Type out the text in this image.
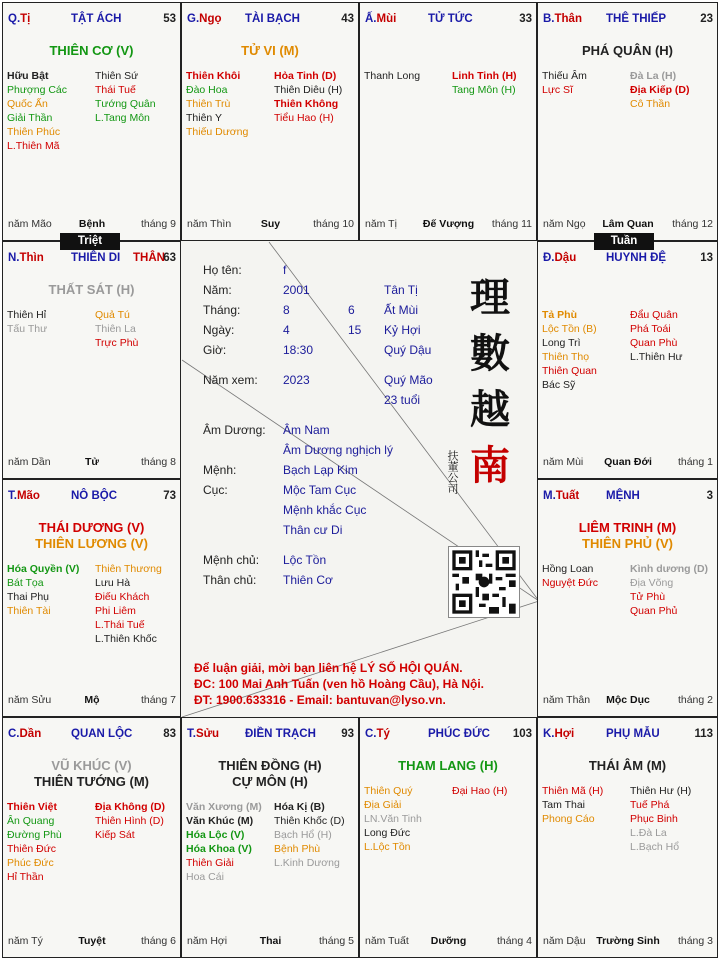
Q.Tị	TẬT ÁCH	53
THIÊN CƠ (V)
Hữu Bật
Phượng Các
Quốc Ấn
Giải Thần
Thiên Phúc
L.Thiên Mã
Thiên Sứ
Thái Tuế
Tướng Quân
L.Tang Môn
năm Mão	Bệnh	tháng 9
G.Ngọ TÀI BẠCH	43
TỬ VI (M)
Thiên Khôi
Đào Hoa
Thiên Trù
Thiên Y
Thiếu Dương
Hỏa Tinh (D)
Thiên Diêu (H)
Thiên Không
Tiểu Hao (H)
năm Thìn	Suy	tháng 10
Ấ.Mùi	TỬ TỨC	33
Thanh Long	Linh Tinh (H)
Tang Môn (H)
năm Tị	Đế Vượng	tháng 11
B.Thân THÊ THIẾP	23
PHÁ QUÂN (H)
Thiếu Âm
Lực Sĩ
Đà La (H)
Địa Kiếp (D)
Cô Thần
năm Ngọ	Lâm Quan	tháng 12
N.Thìn THIÊN DI THÂN
63
THẤT SÁT (H)
Thiên Hỉ
Tấu Thư
Quả Tú
Thiên La
Trực Phù
năm Dần	Tử	tháng 8
Đ.Dậu	HUYNH ĐỆ	13
Tả Phù
Lộc Tồn (B)
Long Trì
Thiên Thọ
Thiên Quan
Bác Sỹ
Đẩu Quân
Phá Toái
Quan Phù
L.Thiên Hư
năm Mùi	Quan Đới	tháng 1
T.Mão	NÔ BỘC	73
THÁI DƯƠNG (V)
THIÊN LƯƠNG (V)
Hóa Quyền (V)
Bát Tọa
Thai Phụ
Thiên Tài
Thiên Thương
Lưu Hà
Điếu Khách
Phi Liêm
L.Thái Tuế
L.Thiên Khốc
năm Sửu	Mộ	tháng 7
M.Tuất MỆNH	3
LIÊM TRINH (M)
THIÊN PHỦ (V)
Hồng Loan
Nguyệt Đức
Kình dương (D)
Địa Võng
Tử Phù
Quan Phủ
năm Thân	Mộc Dục	tháng 2
C.Dần	QUAN LỘC	83
VŨ KHÚC (V)
THIÊN TƯỚNG (M)
Thiên Việt
Ân Quang
Đường Phù
Thiên Đức
Phúc Đức
Hỉ Thần
Địa Không (D)
Thiên Hình (D)
Kiếp Sát
năm Tý	Tuyệt	tháng 6
T.Sửu ĐIỀN TRẠCH 93
THIÊN ĐỒNG (H)
CỰ MÔN (H)
Văn Xương (M)
Văn Khúc (M)
Hóa Lộc (V)
Hóa Khoa (V)
Thiên Giải
Hoa Cái
Hóa Kị (B)
Thiên Khốc (D)
Bạch Hổ (H)
Bệnh Phù
L.Kinh Dương
năm Hợi	Thai	tháng 5
C.Tý	PHÚC ĐỨC 103
THAM LANG (H)
Thiên Quý
Địa Giải
LN.Văn Tinh
Long Đức
L.Lộc Tồn
Đại Hao (H)
năm Tuất	Dưỡng	tháng 4
K.Hợi	PHỤ MẪU	113
THÁI ÂM (M)
Thiên Mã (H)
Tam Thai
Phong Cáo
Thiên Hư (H)
Tuế Phá
Phục Binh
L.Đà La
L.Bạch Hổ
năm Dậu	Trường Sinh	tháng 3
Triệt	Tuần
Họ tên:	f
Năm:	2001	Tân Tị
Tháng:	8	6 Ất Mùi
Ngày:	4	15 Kỷ Hợi
Giờ:	18:30	Quý Dậu
Năm xem: 2023	Quý Mão
23 tuổi
Âm Dương: Âm Nam
Âm Dương nghịch lý
Mệnh:	Bạch Lạp Kim
Cục:	Mộc Tam Cục
Mệnh khắc Cục
Thân cư Di
Mệnh chủ: Lộc Tồn
Thân chủ: Thiên Cơ
理
數
越
南
扶董公司
Để luận giải, mời bạn liên hệ LÝ SỐ HỘI QUÁN.
ĐC: 100 Mai Anh Tuấn (ven hồ Hoàng Cầu), Hà Nội.
ĐT: 1900.633316 - Email: bantuvan@lyso.vn.
